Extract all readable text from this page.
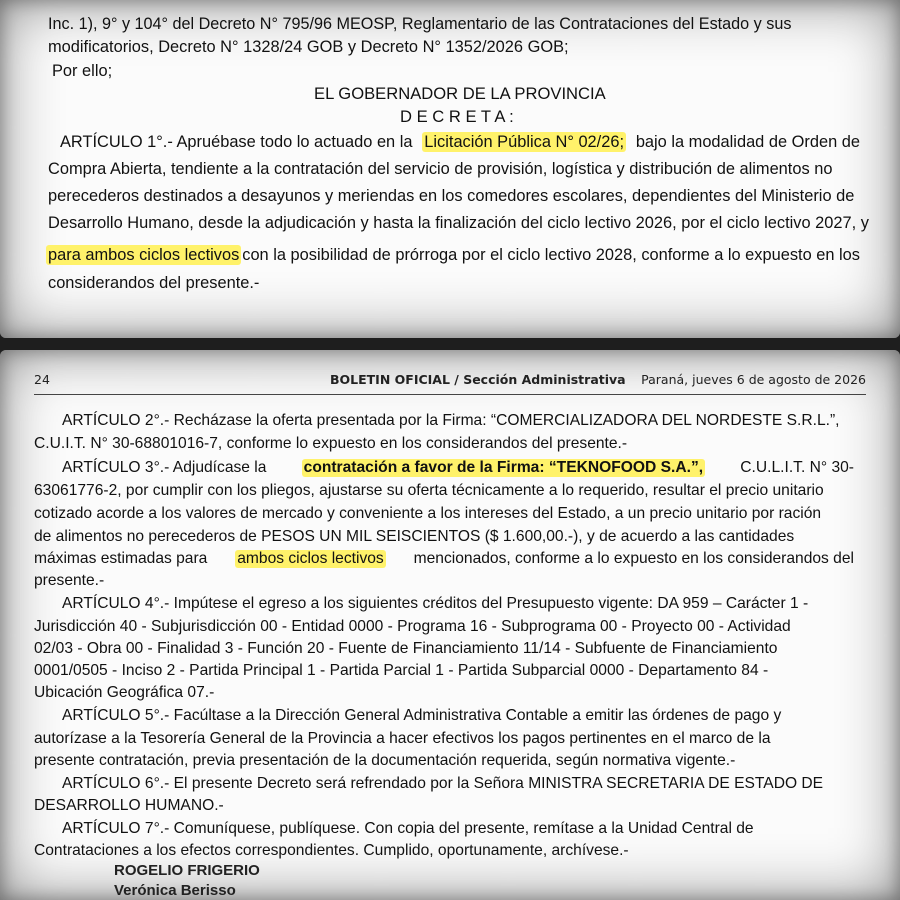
Inc. 1), 9° y 104° del Decreto N° 795/96 MEOSP, Reglamentario de las Contrataciones del Estado y sus
modificatorios, Decreto N° 1328/24 GOB y Decreto N° 1352/2026 GOB;
Por ello;
EL GOBERNADOR DE LA PROVINCIA
D E C R E T A :
ARTÍCULO 1°.- Apruébase todo lo actuado en la Licitación Pública N° 02/26; bajo la modalidad de Orden de
Compra Abierta, tendiente a la contratación del servicio de provisión, logística y distribución de alimentos no
perecederos destinados a desayunos y meriendas en los comedores escolares, dependientes del Ministerio de
Desarrollo Humano, desde la adjudicación y hasta la finalización del ciclo lectivo 2026, por el ciclo lectivo 2027, y
para ambos ciclos lectivos con la posibilidad de prórroga por el ciclo lectivo 2028, conforme a lo expuesto en los
considerandos del presente.-
24	BOLETIN OFICIAL / Sección Administrativa Paraná, jueves 6 de agosto de 2026
ARTÍCULO 2°.- Recházase la oferta presentada por la Firma: “COMERCIALIZADORA DEL NORDESTE S.R.L.”,
C.U.I.T. N° 30-68801016-7, conforme lo expuesto en los considerandos del presente.-
ARTÍCULO 3°.- Adjudícase la contratación a favor de la Firma: “TEKNOFOOD S.A.”, C.U.L.I.T. N° 30-
63061776-2, por cumplir con los pliegos, ajustarse su oferta técnicamente a lo requerido, resultar el precio unitario
cotizado acorde a los valores de mercado y conveniente a los intereses del Estado, a un precio unitario por ración
de alimentos no perecederos de PESOS UN MIL SEISCIENTOS ($ 1.600,00.-), y de acuerdo a las cantidades
máximas estimadas para ambos ciclos lectivos mencionados, conforme a lo expuesto en los considerandos del
presente.-
ARTÍCULO 4°.- Impútese el egreso a los siguientes créditos del Presupuesto vigente: DA 959 – Carácter 1 -
Jurisdicción 40 - Subjurisdicción 00 - Entidad 0000 - Programa 16 - Subprograma 00 - Proyecto 00 - Actividad
02/03 - Obra 00 - Finalidad 3 - Función 20 - Fuente de Financiamiento 11/14 - Subfuente de Financiamiento
0001/0505 - Inciso 2 - Partida Principal 1 - Partida Parcial 1 - Partida Subparcial 0000 - Departamento 84 -
Ubicación Geográfica 07.-
ARTÍCULO 5°.- Facúltase a la Dirección General Administrativa Contable a emitir las órdenes de pago y
autorízase a la Tesorería General de la Provincia a hacer efectivos los pagos pertinentes en el marco de la
presente contratación, previa presentación de la documentación requerida, según normativa vigente.-
ARTÍCULO 6°.- El presente Decreto será refrendado por la Señora MINISTRA SECRETARIA DE ESTADO DE
DESARROLLO HUMANO.-
ARTÍCULO 7°.- Comuníquese, publíquese. Con copia del presente, remítase a la Unidad Central de
Contrataciones a los efectos correspondientes. Cumplido, oportunamente, archívese.-
ROGELIO FRIGERIO
Verónica Berisso
